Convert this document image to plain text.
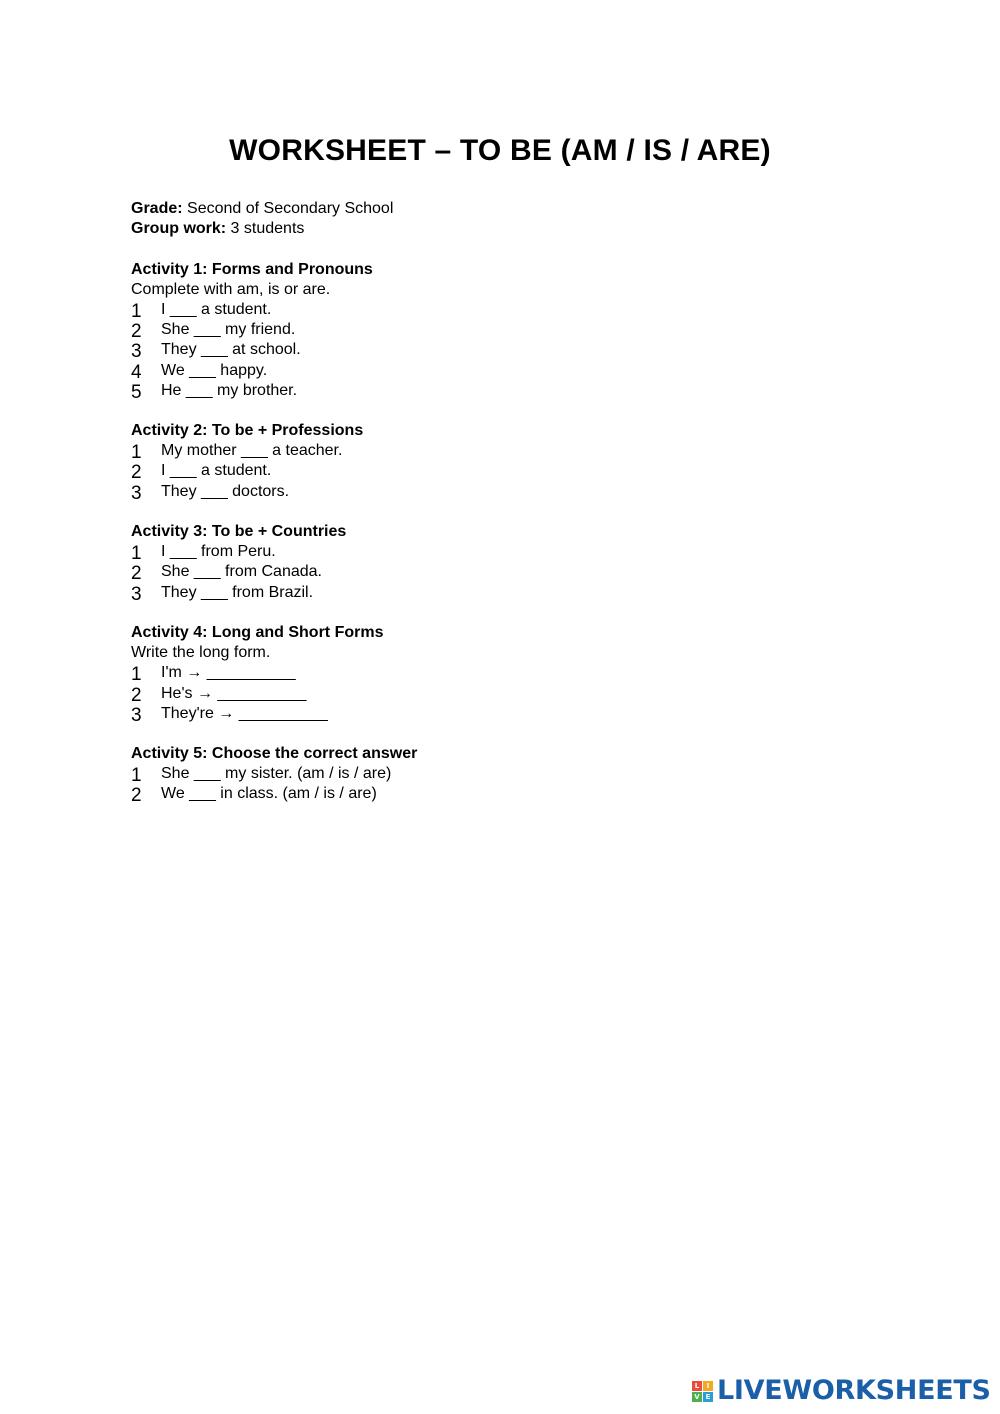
WORKSHEET – TO BE (AM / IS / ARE)
Grade: Second of Secondary School
Group work: 3 students
Activity 1: Forms and Pronouns
Complete with am, is or are.
1	I ___ a student.
2	She ___ my friend.
3	They ___ at school.
4	We ___ happy.
5	He ___ my brother.
Activity 2: To be + Professions
1	My mother ___ a teacher.
2	I ___ a student.
3	They ___ doctors.
Activity 3: To be + Countries
1	I ___ from Peru.
2	She ___ from Canada.
3	They ___ from Brazil.
Activity 4: Long and Short Forms
Write the long form.
1	I'm → __________
2	He's → __________
3	They're → __________
Activity 5: Choose the correct answer
1	She ___ my sister. (am / is / are)
2	We ___ in class. (am / is / are)
L	I
V E LIVEWORKSHEETS
